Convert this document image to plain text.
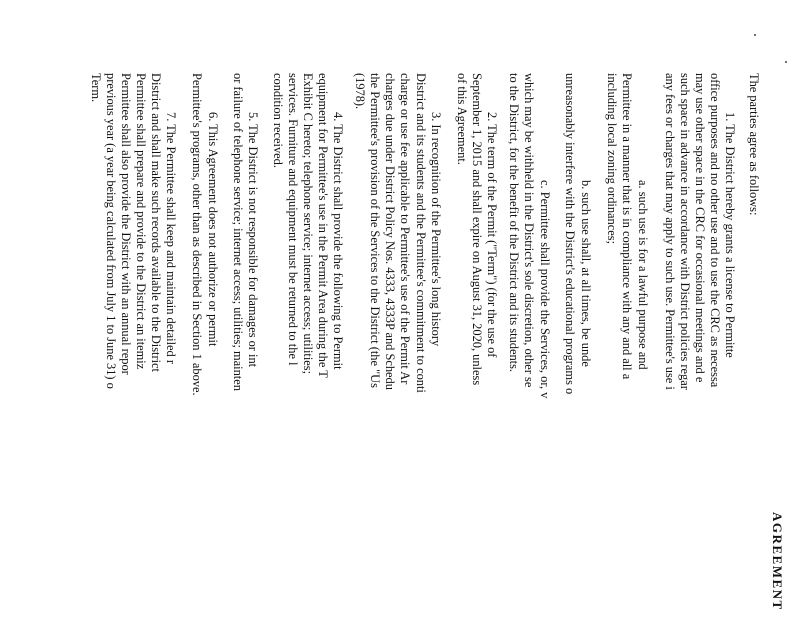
AGREEMENT
The parties agree as follows:
1. The District hereby grants a license to Permitte
office purposes and no other use and to use the CRC as necessa
may use other space in the CRC for occasional meetings and e
such space in advance in accordance with District policies regar
any fees or charges that may apply to such use. Permittee's use i
a. such use is for a lawful purpose and
Permittee in a manner that is in compliance with any and all a
including local zoning ordinances;
b. such use shall, at all times, be unde
unreasonably interfere with the District's educational programs o
c. Permittee shall provide the Services, or, v
which may be withheld in the District's sole discretion, other se
to the District, for the benefit of the District and its students.
2. The term of the Permit ("Term") (for the use of
September 1, 2015 and shall expire on August 31, 2020, unless
of this Agreement.
3. In recognition of the Permittee's long history
District and its students and the Permittee's commitment to conti
charge or use fee applicable to Permittee's use of the Permit Ar
charges due under District Policy Nos. 4333, 4333P and Schedu
the Permittee's provision of the Services to the District (the "Us
(1978).
4. The District shall provide the following to Permit
equipment for Permittee's use in the Permit Area during the T
Exhibit C hereto; telephone service; internet access; utilities;
services. Furniture and equipment must be returned to the l
condition received.
5. The District is not responsible for damages or int
or failure of telephone service; internet access; utilities; mainten
6. This Agreement does not authorize or permit
Permittee's programs, other than as described in Section 1 above.
7. The Permittee shall keep and maintain detailed r
District and shall make such records available to the District
Permittee shall prepare and provide to the District an itemiz
Permittee shall also provide the District with an annual repor
previous year (a year being calculated from July 1 to June 31) o
Term.
